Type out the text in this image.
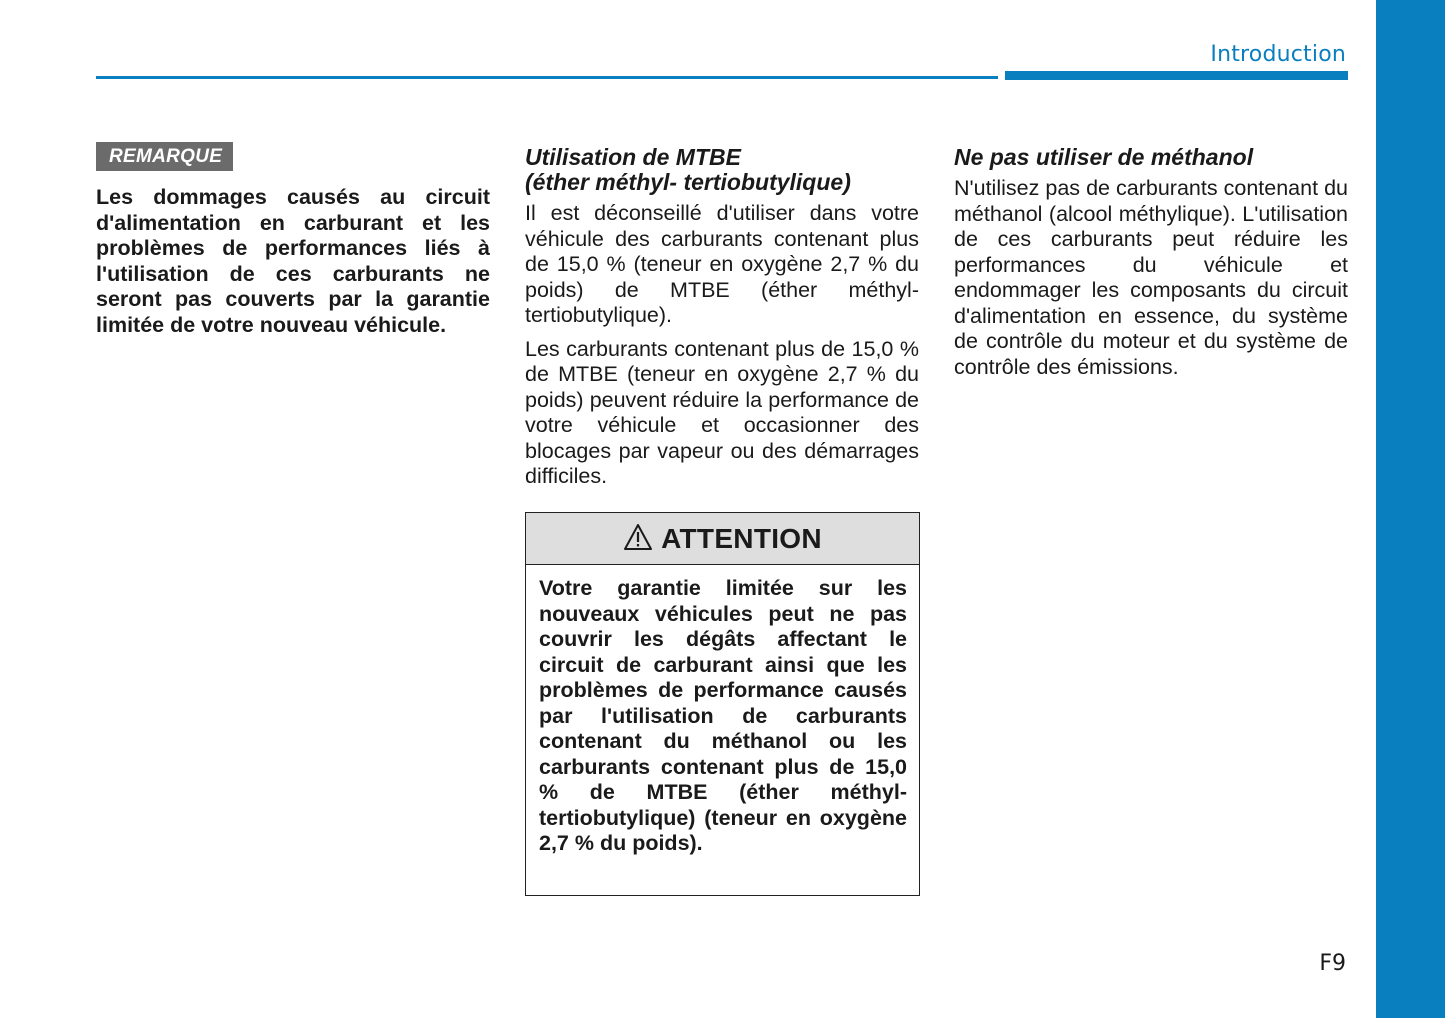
Introduction
REMARQUE
Les dommages causés au circuit d'alimentation en carburant et les problèmes de performances liés à l'utilisation de ces carburants ne seront pas couverts par la garantie limitée de votre nouveau véhicule.
Utilisation de MTBE
(éther méthyl- tertiobutylique)

Il est déconseillé d'utiliser dans votre véhicule des carburants contenant plus de 15,0 % (teneur en oxygène 2,7 % du poids) de MTBE (éther méthyl- tertiobutylique).

Les carburants contenant plus de 15,0 % de MTBE (teneur en oxygène 2,7 % du poids) peuvent réduire la performance de votre véhicule et occasionner des blocages par vapeur ou des démarrages difficiles.

ATTENTION
Votre garantie limitée sur les nouveaux véhicules peut ne pas couvrir les dégâts affectant le circuit de carburant ainsi que les problèmes de performance causés par l'utilisation de carburants contenant du méthanol ou les carburants contenant plus de 15,0 % de MTBE (éther méthyl- tertiobutylique) (teneur en oxygène 2,7 % du poids).
Ne pas utiliser de méthanol

N'utilisez pas de carburants contenant du méthanol (alcool méthylique). L'utilisation de ces carburants peut réduire les performances du véhicule et endommager les composants du circuit d'alimentation en essence, du système de contrôle du moteur et du système de contrôle des émissions.

F9
